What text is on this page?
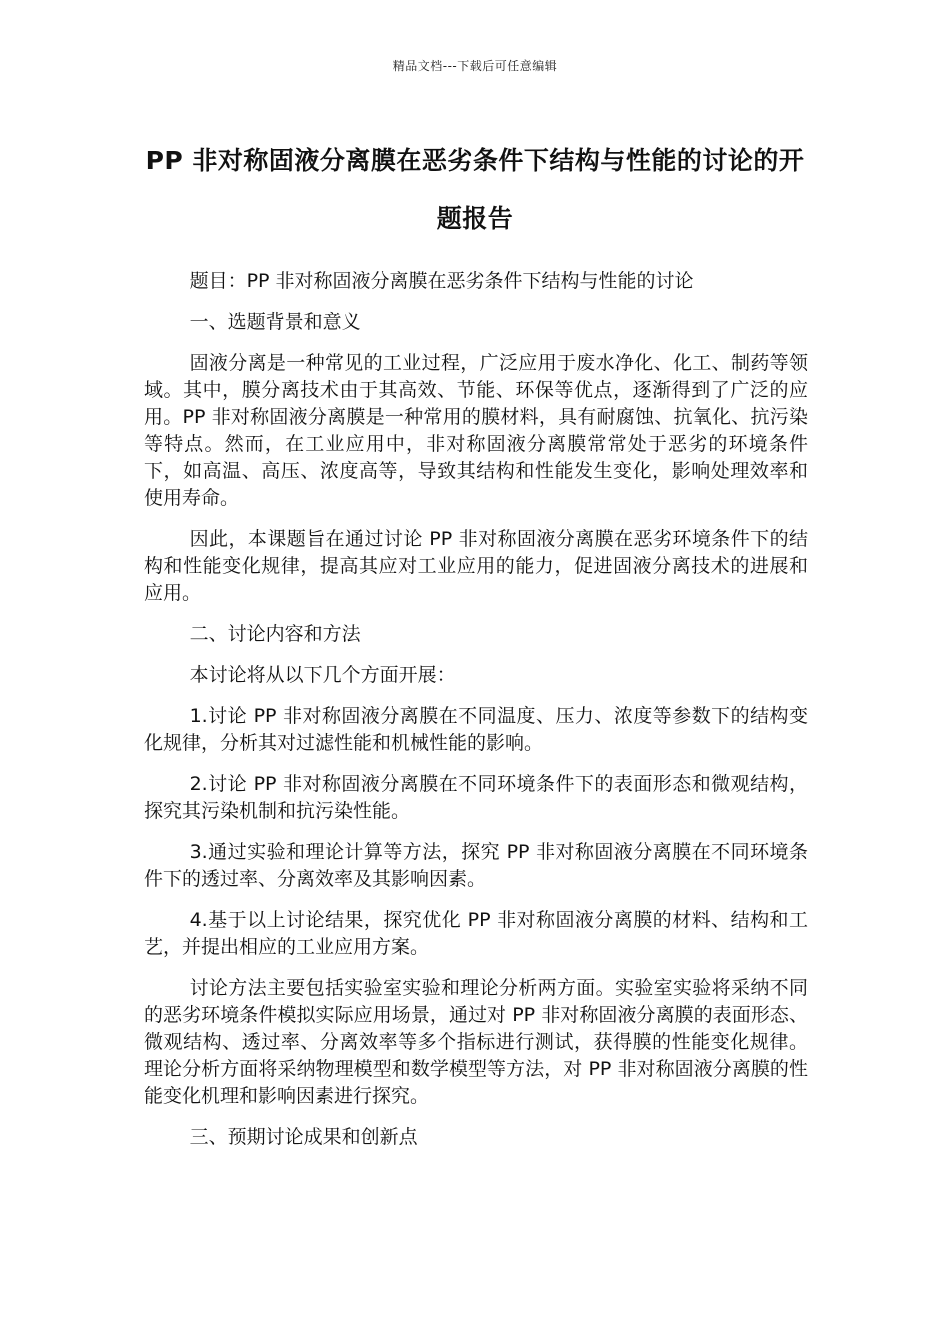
精品文档---下载后可任意编辑
PP 非对称固液分离膜在恶劣条件下结构与性能的讨论的开题报告

题目：PP 非对称固液分离膜在恶劣条件下结构与性能的讨论

一、选题背景和意义

固液分离是一种常见的工业过程，广泛应用于废水净化、化工、制药等领域。其中，膜分离技术由于其高效、节能、环保等优点，逐渐得到了广泛的应用。PP 非对称固液分离膜是一种常用的膜材料，具有耐腐蚀、抗氧化、抗污染等特点。然而，在工业应用中，非对称固液分离膜常常处于恶劣的环境条件下，如高温、高压、浓度高等，导致其结构和性能发生变化，影响处理效率和使用寿命。

因此，本课题旨在通过讨论 PP 非对称固液分离膜在恶劣环境条件下的结构和性能变化规律，提高其应对工业应用的能力，促进固液分离技术的进展和应用。

二、讨论内容和方法

本讨论将从以下几个方面开展：

1.讨论 PP 非对称固液分离膜在不同温度、压力、浓度等参数下的结构变化规律，分析其对过滤性能和机械性能的影响。

2.讨论 PP 非对称固液分离膜在不同环境条件下的表面形态和微观结构，探究其污染机制和抗污染性能。

3.通过实验和理论计算等方法，探究 PP 非对称固液分离膜在不同环境条件下的透过率、分离效率及其影响因素。

4.基于以上讨论结果，探究优化 PP 非对称固液分离膜的材料、结构和工艺，并提出相应的工业应用方案。

讨论方法主要包括实验室实验和理论分析两方面。实验室实验将采纳不同的恶劣环境条件模拟实际应用场景，通过对 PP 非对称固液分离膜的表面形态、微观结构、透过率、分离效率等多个指标进行测试，获得膜的性能变化规律。理论分析方面将采纳物理模型和数学模型等方法，对 PP 非对称固液分离膜的性能变化机理和影响因素进行探究。

三、预期讨论成果和创新点
